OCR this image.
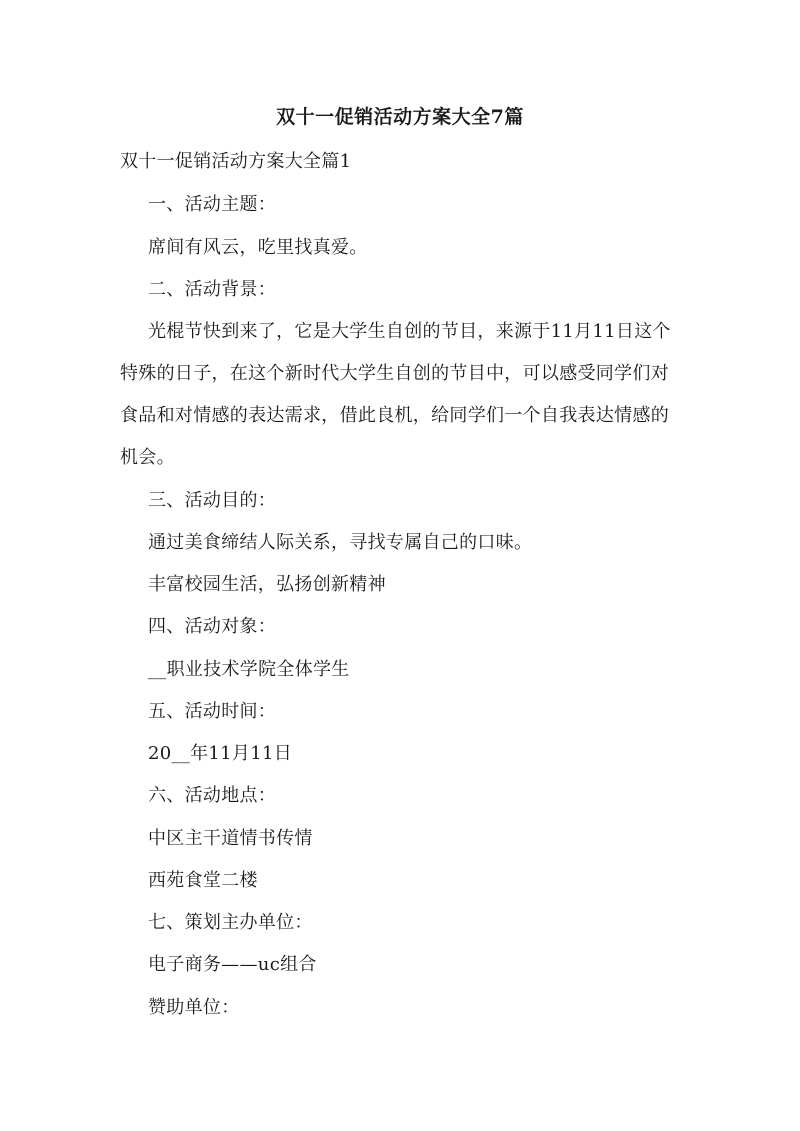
双十一促销活动方案大全7篇
双十一促销活动方案大全篇1
一、活动主题：
席间有风云，吃里找真爱。
二、活动背景：
光棍节快到来了，它是大学生自创的节目，来源于11月11日这个特殊的日子，在这个新时代大学生自创的节目中，可以感受同学们对食品和对情感的表达需求，借此良机，给同学们一个自我表达情感的机会。
三、活动目的：
通过美食缔结人际关系，寻找专属自己的口味。
丰富校园生活，弘扬创新精神
四、活动对象：
__职业技术学院全体学生
五、活动时间：
20__年11月11日
六、活动地点：
中区主干道情书传情
西苑食堂二楼
七、策划主办单位：
电子商务——uc组合
赞助单位：
